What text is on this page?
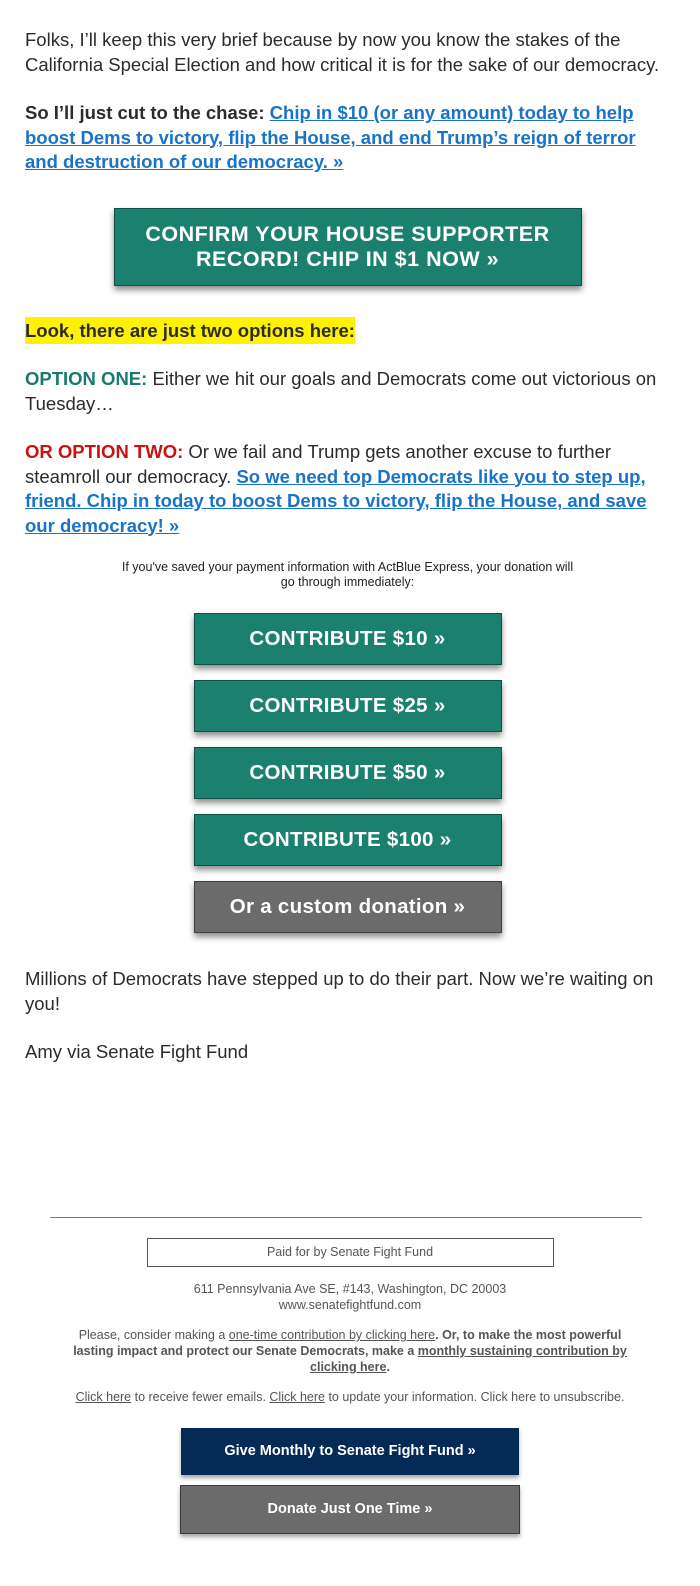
Folks, I’ll keep this very brief because by now you know the stakes of the California Special Election and how critical it is for the sake of our democracy.

So I’ll just cut to the chase: Chip in $10 (or any amount) today to help boost Dems to victory, flip the House, and end Trump’s reign of terror and destruction of our democracy. »

CONFIRM YOUR HOUSE SUPPORTER RECORD! CHIP IN $1 NOW »

Look, there are just two options here:

OPTION ONE: Either we hit our goals and Democrats come out victorious on Tuesday…

OR OPTION TWO: Or we fail and Trump gets another excuse to further steamroll our democracy. So we need top Democrats like you to step up, friend. Chip in today to boost Dems to victory, flip the House, and save our democracy! »

If you've saved your payment information with ActBlue Express, your donation will go through immediately:
CONTRIBUTE $10 »
CONTRIBUTE $25 »
CONTRIBUTE $50 »
CONTRIBUTE $100 »
Or a custom donation »

Millions of Democrats have stepped up to do their part. Now we’re waiting on you!

Amy via Senate Fight Fund

Paid for by Senate Fight Fund
611 Pennsylvania Ave SE, #143, Washington, DC 20003
www.senatefightfund.com
Please, consider making a one-time contribution by clicking here. Or, to make the most powerful lasting impact and protect our Senate Democrats, make a monthly sustaining contribution by clicking here.
Click here to receive fewer emails. Click here to update your information. Click here to unsubscribe.
Give Monthly to Senate Fight Fund »
Donate Just One Time »
